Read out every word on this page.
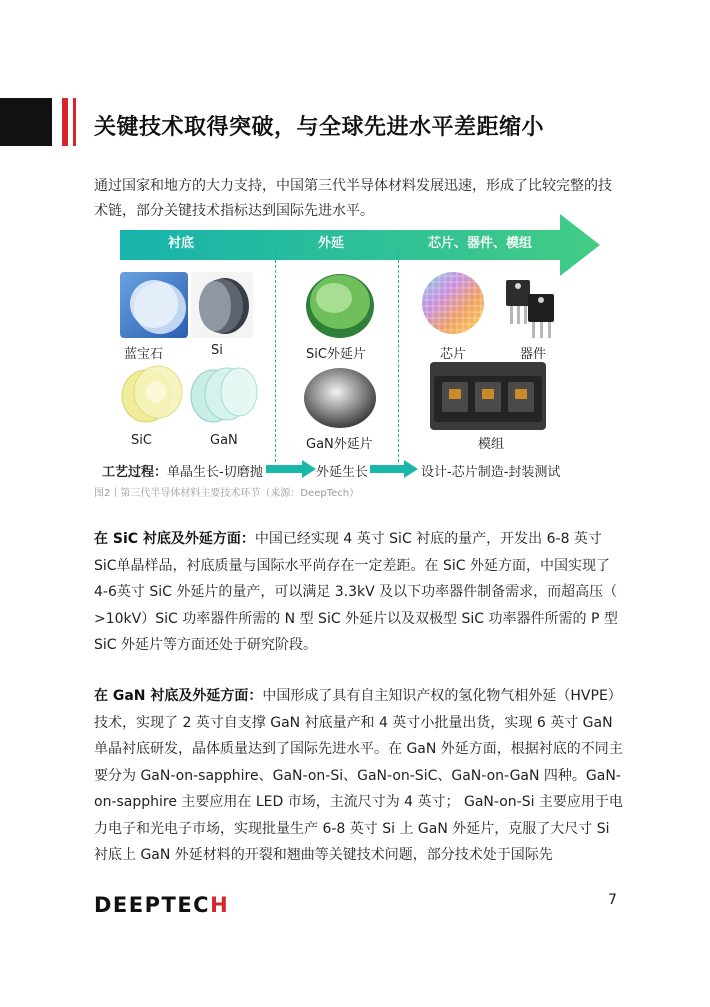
关键技术取得突破，与全球先进水平差距缩小
通过国家和地方的大力支持，中国第三代半导体材料发展迅速，形成了比较完整的技术链，部分关键技术指标达到国际先进水平。
衬底	外延	芯片、器件、模组
蓝宝石	Si	SiC外延片	芯片	器件
SiC	GaN	GaN外延片	模组
工艺过程：单晶生长-切磨抛	外延生长	设计-芯片制造-封装测试
图2丨第三代半导体材料主要技术环节（来源：DeepTech）
在 SiC 衬底及外延方面：中国已经实现 4 英寸 SiC 衬底的量产，开发出 6-8 英寸 SiC单晶样品，衬底质量与国际水平尚存在一定差距。在 SiC 外延方面，中国实现了 4-6英寸 SiC 外延片的量产，可以满足 3.3kV 及以下功率器件制备需求，而超高压（ >10kV）SiC 功率器件所需的 N 型 SiC 外延片以及双极型 SiC 功率器件所需的 P 型 SiC 外延片等方面还处于研究阶段。
在 GaN 衬底及外延方面：中国形成了具有自主知识产权的氢化物气相外延（HVPE）技术，实现了 2 英寸自支撑 GaN 衬底量产和 4 英寸小批量出货，实现 6 英寸 GaN 单晶衬底研发，晶体质量达到了国际先进水平。在 GaN 外延方面，根据衬底的不同主要分为 GaN-on-sapphire、GaN-on-Si、GaN-on-SiC、GaN-on-GaN 四种。GaN-on-sapphire 主要应用在 LED 市场，主流尺寸为 4 英寸； GaN-on-Si 主要应用于电力电子和光电子市场，实现批量生产 6-8 英寸 Si 上 GaN 外延片，克服了大尺寸 Si 衬底上 GaN 外延材料的开裂和翘曲等关键技术问题，部分技术处于国际先
DEEPTECH	7
